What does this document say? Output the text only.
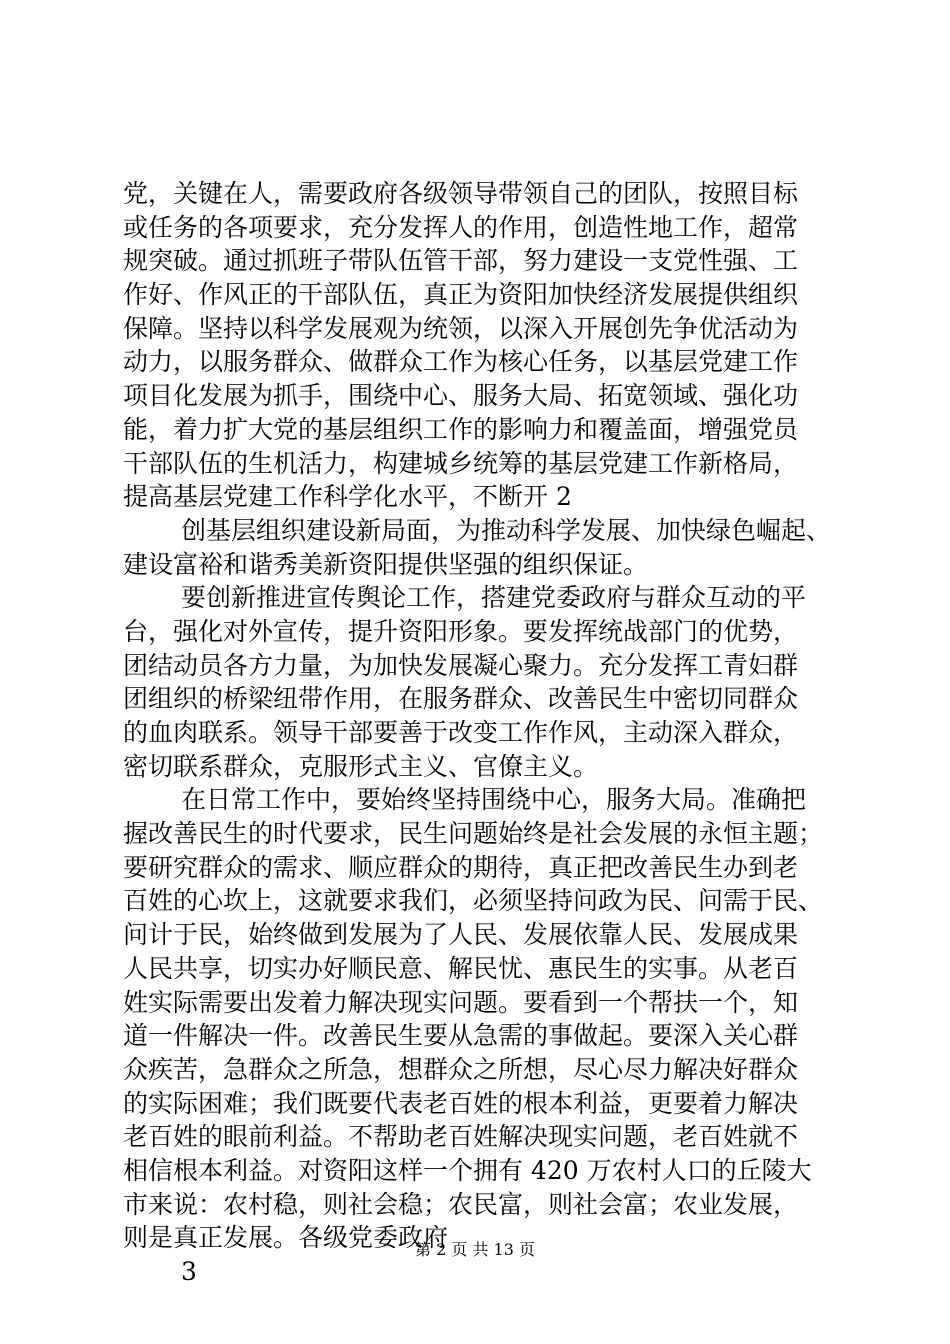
党，关键在人，需要政府各级领导带领自己的团队，按照目标
或任务的各项要求，充分发挥人的作用，创造性地工作，超常
规突破。通过抓班子带队伍管干部，努力建设一支党性强、工
作好、作风正的干部队伍，真正为资阳加快经济发展提供组织
保障。坚持以科学发展观为统领，以深入开展创先争优活动为
动力，以服务群众、做群众工作为核心任务，以基层党建工作
项目化发展为抓手，围绕中心、服务大局、拓宽领域、强化功
能，着力扩大党的基层组织工作的影响力和覆盖面，增强党员
干部队伍的生机活力，构建城乡统筹的基层党建工作新格局，
提高基层党建工作科学化水平，不断开 2
创基层组织建设新局面，为推动科学发展、加快绿色崛起、
建设富裕和谐秀美新资阳提供坚强的组织保证。
要创新推进宣传舆论工作，搭建党委政府与群众互动的平
台，强化对外宣传，提升资阳形象。要发挥统战部门的优势，
团结动员各方力量，为加快发展凝心聚力。充分发挥工青妇群
团组织的桥梁纽带作用，在服务群众、改善民生中密切同群众
的血肉联系。领导干部要善于改变工作作风，主动深入群众，
密切联系群众，克服形式主义、官僚主义。
在日常工作中，要始终坚持围绕中心，服务大局。准确把
握改善民生的时代要求，民生问题始终是社会发展的永恒主题；
要研究群众的需求、顺应群众的期待，真正把改善民生办到老
百姓的心坎上，这就要求我们，必须坚持问政为民、问需于民、
问计于民，始终做到发展为了人民、发展依靠人民、发展成果
人民共享，切实办好顺民意、解民忧、惠民生的实事。从老百
姓实际需要出发着力解决现实问题。要看到一个帮扶一个，知
道一件解决一件。改善民生要从急需的事做起。要深入关心群
众疾苦，急群众之所急，想群众之所想，尽心尽力解决好群众
的实际困难；我们既要代表老百姓的根本利益，更要着力解决
老百姓的眼前利益。不帮助老百姓解决现实问题，老百姓就不
相信根本利益。对资阳这样一个拥有 420 万农村人口的丘陵大
市来说：农村稳，则社会稳；农民富，则社会富；农业发展，
则是真正发展。各级党委政府
3
第 2 页 共 13 页
